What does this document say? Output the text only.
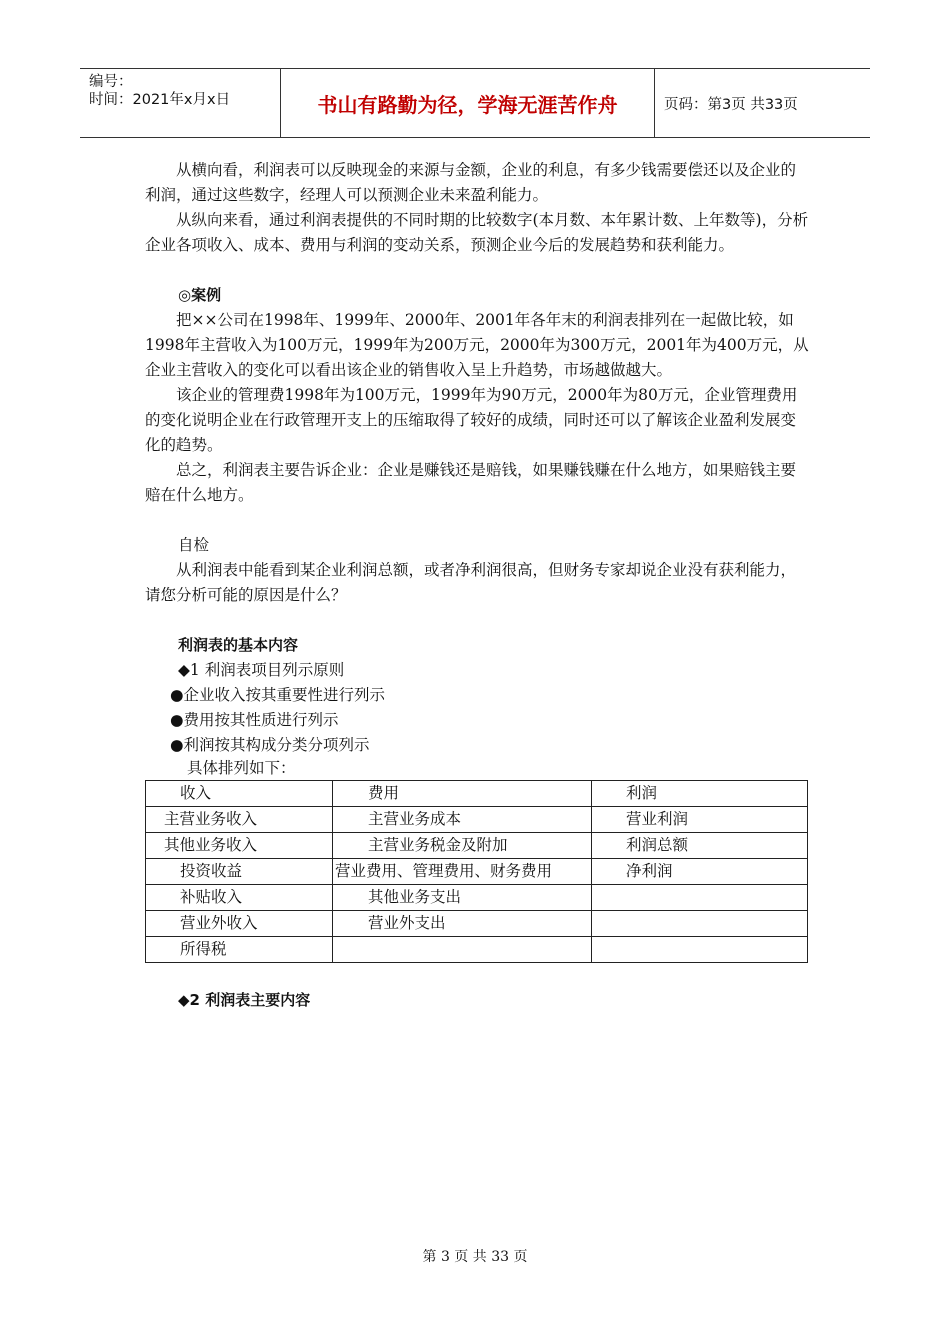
编号：
时间：2021年x月x日	书山有路勤为径，学海无涯苦作舟	页码：第3页 共33页

从横向看，利润表可以反映现金的来源与金额，企业的利息，有多少钱需要偿还以及企业的利润，通过这些数字，经理人可以预测企业未来盈利能力。

从纵向来看，通过利润表提供的不同时期的比较数字(本月数、本年累计数、上年数等)，分析企业各项收入、成本、费用与利润的变动关系，预测企业今后的发展趋势和获利能力。

◎案例

把××公司在1998年、1999年、2000年、2001年各年末的利润表排列在一起做比较，如1998年主营收入为100万元，1999年为200万元，2000年为300万元，2001年为400万元，从企业主营收入的变化可以看出该企业的销售收入呈上升趋势，市场越做越大。

该企业的管理费1998年为100万元，1999年为90万元，2000年为80万元，企业管理费用的变化说明企业在行政管理开支上的压缩取得了较好的成绩，同时还可以了解该企业盈利发展变化的趋势。

总之，利润表主要告诉企业：企业是赚钱还是赔钱，如果赚钱赚在什么地方，如果赔钱主要赔在什么地方。

自检

从利润表中能看到某企业利润总额，或者净利润很高，但财务专家却说企业没有获利能力，请您分析可能的原因是什么？

利润表的基本内容
◆1 利润表项目列示原则
●企业收入按其重要性进行列示
●费用按其性质进行列示
●利润按其构成分类分项列示
具体排列如下：
收入	费用	利润
主营业务收入	主营业务成本	营业利润
其他业务收入	主营业务税金及附加	利润总额
投资收益	营业费用、管理费用、财务费用	净利润
补贴收入	其他业务支出	
营业外收入	营业外支出	
所得税		
◆2 利润表主要内容
第 3 页 共 33 页
